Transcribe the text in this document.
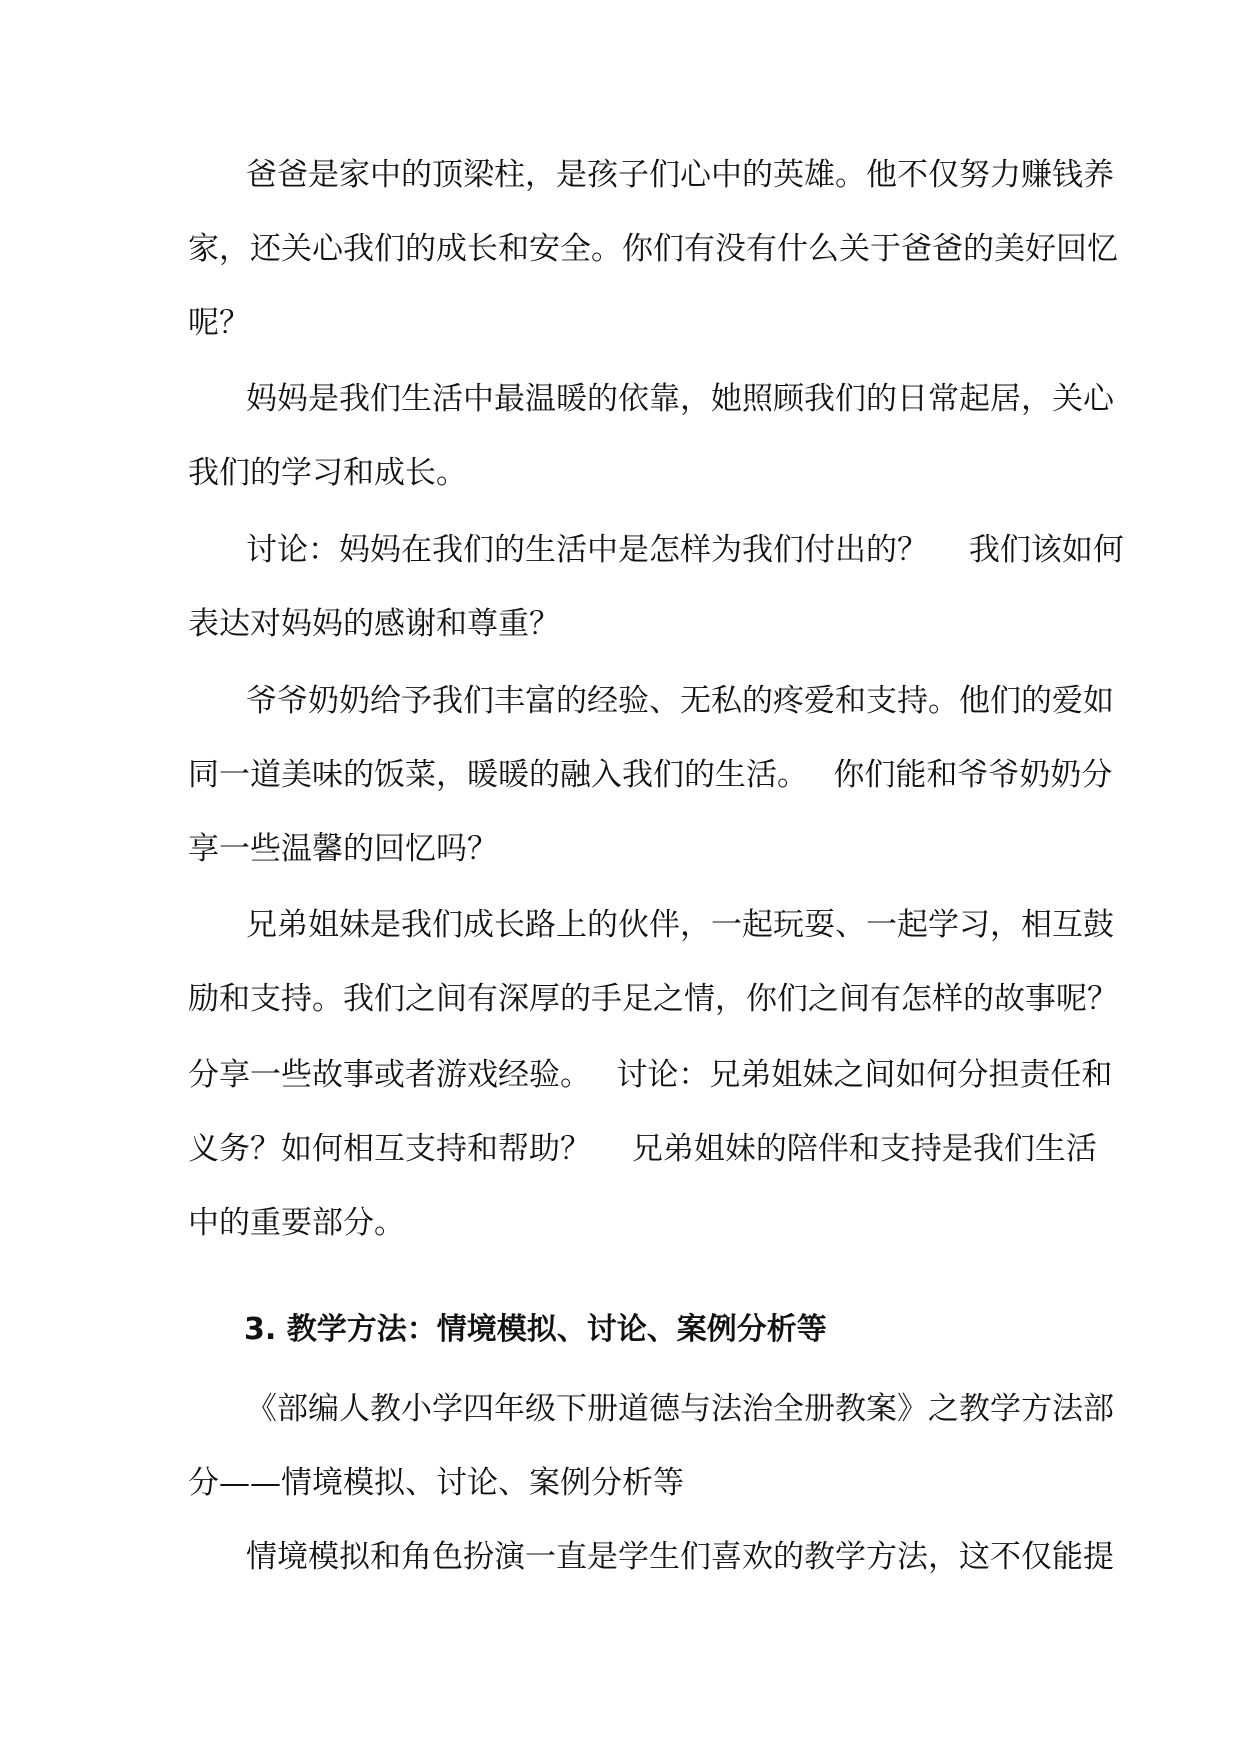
爸爸是家中的顶梁柱，是孩子们心中的英雄。他不仅努力赚钱养

家，还关心我们的成长和安全。你们有没有什么关于爸爸的美好回忆

呢？

妈妈是我们生活中最温暖的依靠，她照顾我们的日常起居，关心

我们的学习和成长。

讨论：妈妈在我们的生活中是怎样为我们付出的？　 我们该如何

表达对妈妈的感谢和尊重？

爷爷奶奶给予我们丰富的经验、无私的疼爱和支持。他们的爱如

同一道美味的饭菜，暖暖的融入我们的生活。　 你们能和爷爷奶奶分

享一些温馨的回忆吗？

兄弟姐妹是我们成长路上的伙伴，一起玩耍、一起学习，相互鼓

励和支持。我们之间有深厚的手足之情，你们之间有怎样的故事呢？

分享一些故事或者游戏经验。　 讨论：兄弟姐妹之间如何分担责任和

义务？如何相互支持和帮助？　 兄弟姐妹的陪伴和支持是我们生活

中的重要部分。

3. 教学方法：情境模拟、讨论、案例分析等

《部编人教小学四年级下册道德与法治全册教案》之教学方法部

分——情境模拟、讨论、案例分析等

情境模拟和角色扮演一直是学生们喜欢的教学方法，这不仅能提
